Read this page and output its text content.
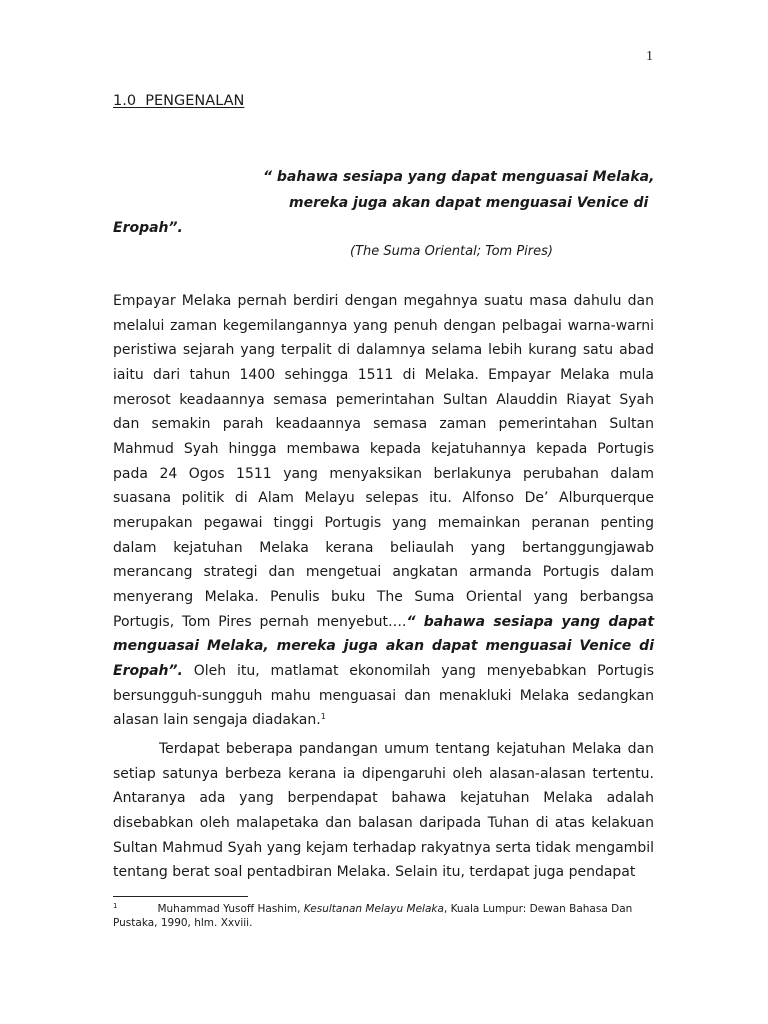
1
1.0  PENGENALAN
“ bahawa sesiapa yang dapat menguasai Melaka,
mereka juga akan dapat menguasai Venice di
Eropah”.
(The Suma Oriental; Tom Pires)

Empayar Melaka pernah berdiri dengan megahnya suatu masa dahulu dan melalui zaman kegemilangannya yang penuh dengan pelbagai warna-warni peristiwa sejarah yang terpalit di dalamnya selama lebih kurang satu abad iaitu dari tahun 1400 sehingga 1511 di Melaka. Empayar Melaka mula merosot keadaannya semasa pemerintahan Sultan Alauddin Riayat Syah dan semakin parah keadaannya semasa zaman pemerintahan Sultan Mahmud Syah hingga membawa kepada kejatuhannya kepada Portugis pada 24 Ogos 1511 yang menyaksikan berlakunya perubahan dalam suasana politik di Alam Melayu selepas itu. Alfonso De’ Alburquerque merupakan pegawai tinggi Portugis yang memainkan peranan penting dalam kejatuhan Melaka kerana beliaulah yang bertanggungjawab merancang strategi dan mengetuai angkatan armanda Portugis dalam menyerang Melaka. Penulis buku The Suma Oriental yang berbangsa Portugis, Tom Pires pernah menyebut….“ bahawa sesiapa yang dapat menguasai Melaka, mereka juga akan dapat menguasai Venice di Eropah”. Oleh itu, matlamat ekonomilah yang menyebabkan Portugis bersungguh-sungguh mahu menguasai dan menakluki Melaka sedangkan alasan lain sengaja diadakan.$^1$

Terdapat beberapa pandangan umum tentang kejatuhan Melaka dan setiap satunya berbeza kerana ia dipengaruhi oleh alasan-alasan tertentu. Antaranya ada yang berpendapat bahawa kejatuhan Melaka adalah disebabkan oleh malapetaka dan balasan daripada Tuhan di atas kelakuan Sultan Mahmud Syah yang kejam terhadap rakyatnya serta tidak mengambil tentang berat soal pentadbiran Melaka. Selain itu, terdapat juga pendapat

$^1$	Muhammad Yusoff Hashim, Kesultanan Melayu Melaka, Kuala Lumpur: Dewan Bahasa Dan Pustaka, 1990, hlm. Xxviii.
